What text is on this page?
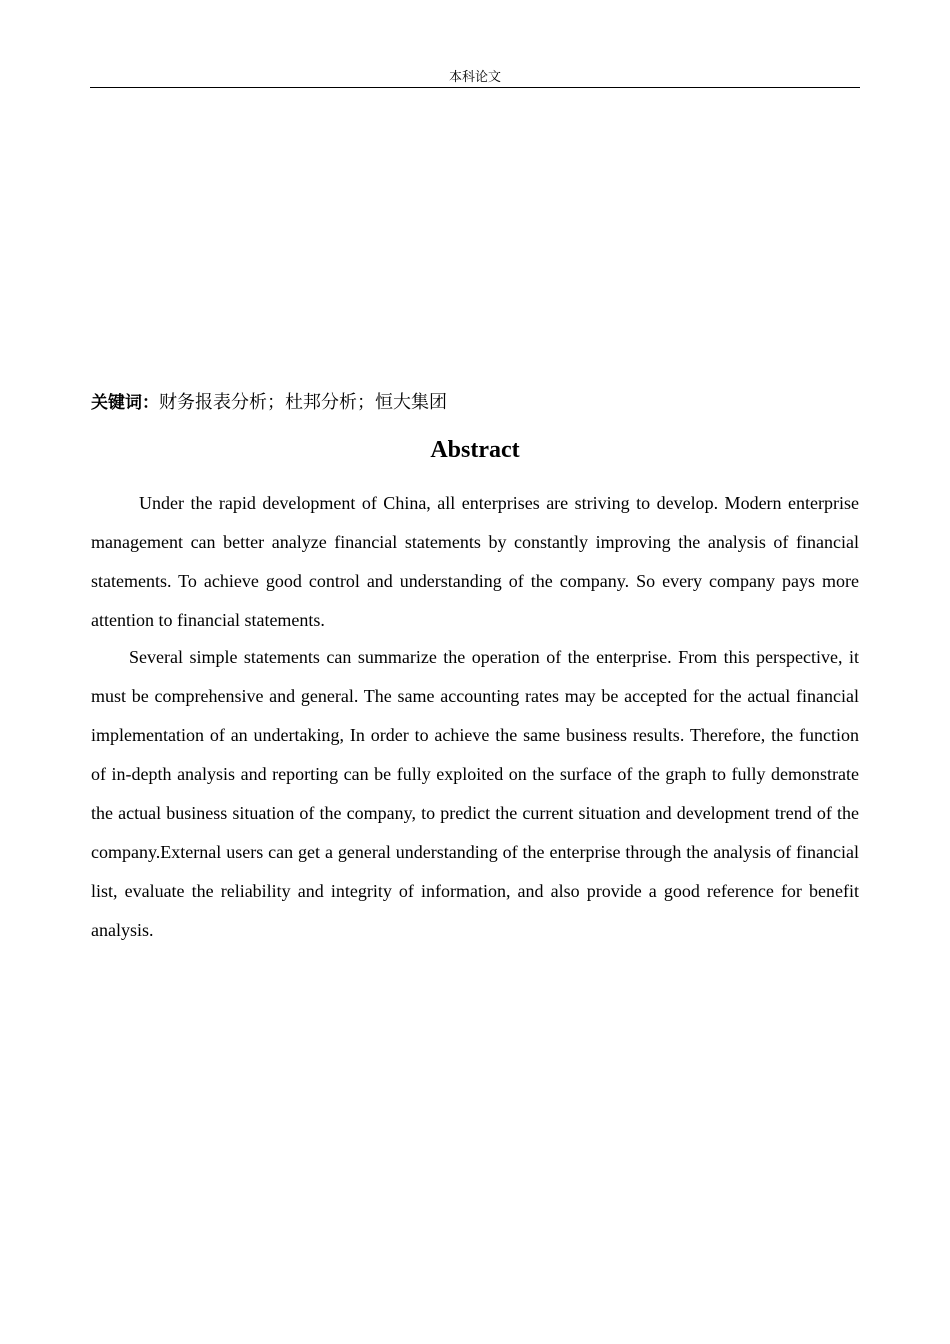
本科论文
关键词：财务报表分析；杜邦分析；恒大集团
Abstract

Under the rapid development of China, all enterprises are striving to develop. Modern enterprise management can better analyze financial statements by constantly improving the analysis of financial statements. To achieve good control and understanding of the company. So every company pays more attention to financial statements.

Several simple statements can summarize the operation of the enterprise. From this perspective, it must be comprehensive and general. The same accounting rates may be accepted for the actual financial implementation of an undertaking, In order to achieve the same business results. Therefore, the function of in-depth analysis and reporting can be fully exploited on the surface of the graph to fully demonstrate the actual business situation of the company, to predict the current situation and development trend of the company.External users can get a general understanding of the enterprise through the analysis of financial list, evaluate the reliability and integrity of information, and also provide a good reference for benefit analysis.
